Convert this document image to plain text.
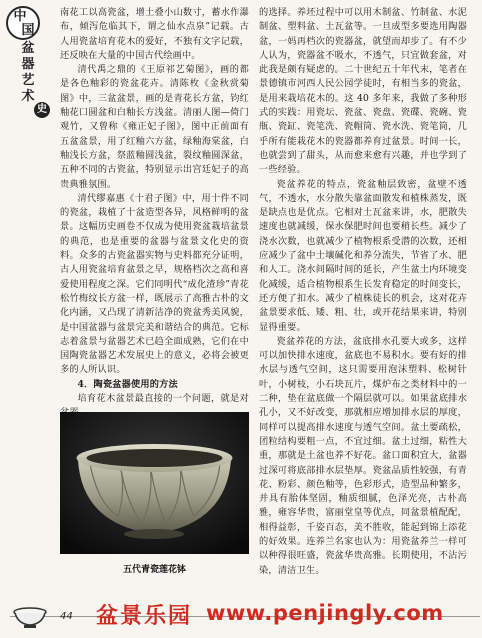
中
国
盆
器
艺
术
史

南花工以高瓷盆，增土叠小山数寸，蓄水作瀑布，倾泻危临其下，谓之仙水点泉”记载。古人用瓷盆培育花木的爱好，不独有文字记载，还反映在大量的中国古代绘画中。

清代禹之鼎的《王原祁艺菊图》，画的都是各色釉彩的瓷盆花卉。清陈枚《金秋赏菊图》中，三盆盆景，画的是青花长方盆，钧红釉花口圆盆和白釉长方浅盆。清丽人图—倚门观竹，又曾称《雍正妃子图》，图中正前面有五盆盆景，用了红釉六方盆，绿釉海棠盆，白釉浅长方盆，祭蓝釉圆浅盆，裂纹釉圆深盆，五种不同的古瓷盆，特别显示出宫廷妃子的高贵典雅氛围。

清代缪嘉惠《十君子图》中，用十件不同的瓷盆，栽植了十盆造型各异，风格鲜明的盆景。这幅历史画卷不仅成为使用瓷盆栽培盆景的典范，也是重要的盆器与盆景文化史的资料。众多的古瓷盆器实物与史料都充分证明，古人用瓷盆培育盆景之早，规格档次之高和喜爱使用程度之深。它们同明代“成化渣珍”青花松竹梅纹长方盆一样，既展示了高雅古朴的文化内涵，又凸现了清新洁净的瓷盆秀美风貌，是中国盆器与盆景完美和谐结合的典范。它标志着盆景与盆器艺术已趋全面成熟，它们在中国陶瓷盆器艺术发展史上的意义，必将会被更多的人所认识。

4．陶瓷盆器使用的方法

培育花木盆景最直接的一个问题，就是对

五代青瓷莲花钵

的选择。养坯过程中可以用木制盆、竹制盆、水泥制盆、塑料盆、土瓦盆等。一旦成型多要选用陶器盆，一妈再档次的瓷器盆，就望而却步了。有不少人认为，瓷器盆不吸水，不透气，只宜做套盆，对此我是颇有疑虑的。二十世纪五十年代末，笔者在景德镇市河西人民公园学徒时，有相当多的瓷盆，是用来栽培花木的。这 40 多年来，我做了多种形式的实践：用瓷坛、瓷盆、瓷盘、瓷碟、瓷碗、瓷瓶、瓷缸、瓷笔洗、瓷帽筒、瓷水洗、瓷笔筒，几乎所有能栽花木的瓷器都养育过盆景。时间一长，也就尝到了甜头，从而愈来愈有兴趣，并也学到了一些经验。

瓷盆养花的特点，瓷盆釉层致密，盆壁不透气，不透水，水分散失靠盆面散发和植株蒸发，既是缺点也是优点。它相对土瓦盆来讲，水，肥散失速度也就减缓，保水保肥时间也要稍长些。减少了浇水次数，也就减少了植物根系受潜的次数，还相应减少了盆中土壤碱化和养分流失，节省了水、肥和人工。浇水间隔时间的延长，产生盆土内环境变化减缓，适合植物根系生长发育稳定的时间变长，还方便了扣水。减少了植株徒长的机会，这对花卉盆景要求低、矮、粗、壮，或开花结果来讲，特别显得重要。

瓷盆养花的方法，盆底排水孔要大或多，这样可以加快排水速度，盆底也不易积水。要有好的排水层与透气空间，这只需要用泡沫塑料、松树针叶，小树枝，小石块瓦片，煤炉布之类材料中的一二种，垫在盆底做一个隔层就可以。如果盆底排水孔小，又不好改变，那就相应增加排水层的厚度，同样可以提高排水速度与透气空间。盆土要疏松，团粒结构要粗一点，不宜过细。盆土过细，粘性大重，那就是土盆也养不好花。盆口面积宜大，盆器过深可将底部排水层垫厚。瓷盆品质性较强，有青花、粉彩、颜色釉等，色彩形式，造型品种繁多，并具有胎体坚固，釉质细腻，色泽光亮，古朴高雅，雍容华贵，富丽堂皇等优点，同盆景植配配，相得益彰，千姿百态，美不胜收，能起到锦上添花的好效果。连养兰名家也认为：用瓷盆养兰一样可以种得很旺盛，瓷盆华贵高雅。长期使用，不沾污染，清洁卫生。

44 盆景乐园 www.penjingly.com
